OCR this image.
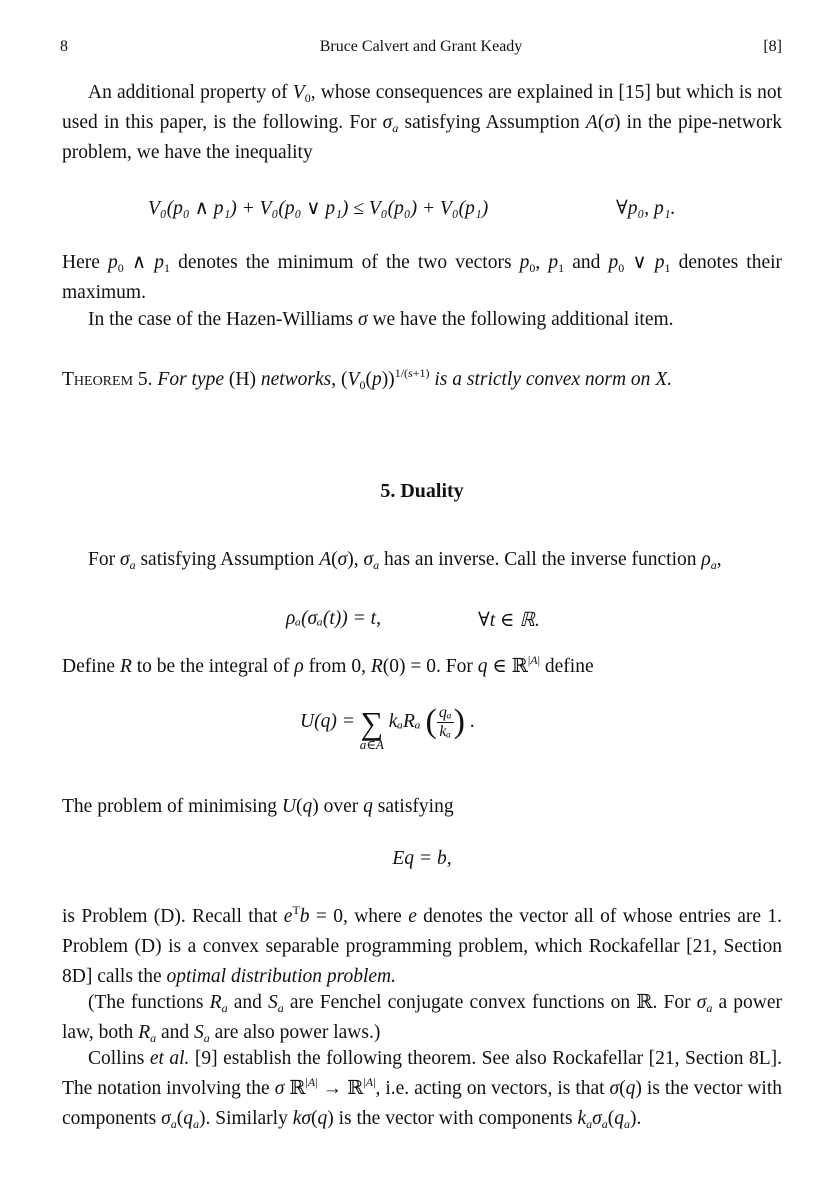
8	Bruce Calvert and Grant Keady	[8]
An additional property of $V_0$, whose consequences are explained in [15] but which is not used in this paper, is the following. For $\sigma_a$ satisfying Assumption A(σ) in the pipe-network problem, we have the inequality
V₀(p₀ ∧ p₁) + V₀(p₀ ∨ p₁) ≤ V₀(p₀) + V₀(p₁)	∀p₀, p₁.
Here $p_0$ ∧ $p_1$ denotes the minimum of the two vectors $p_0$, $p_1$ and $p_0$ ∨ $p_1$ denotes their maximum.
In the case of the Hazen-Williams σ we have the following additional item.
Theorem 5. For type (H) networks, $(V_0(p))^{1/(s+1)}$ is a strictly convex norm on X.
5. Duality
For $\sigma_a$ satisfying Assumption A(σ), $\sigma_a$ has an inverse. Call the inverse function $\rho_a$,
ρₐ(σₐ(t)) = t,	∀t ∈ ℝ.
Define R to be the integral of ρ from 0, R(0) = 0. For q ∈ ℝ$^{|A|}$ define
U(q) = ∑
a∈A
kₐRₐ ( $\frac{\text{qₐ}}{\text{kₐ}}$ ) .
The problem of minimising U(q) over q satisfying
Eq = b,
is Problem (D). Recall that $e^Tb = 0$, where e denotes the vector all of whose entries are 1. Problem (D) is a convex separable programming problem, which Rockafellar [21, Section 8D] calls the optimal distribution problem.
(The functions $R_a$ and $S_a$ are Fenchel conjugate convex functions on ℝ. For $\sigma_a$ a power law, both $R_a$ and $S_a$ are also power laws.)
Collins et al. [9] establish the following theorem. See also Rockafellar [21, Section 8L]. The notation involving the σ ℝ$^{|A|}$ → ℝ$^{|A|}$, i.e. acting on vectors, is that σ(q) is the vector with components $\sigma_a(q_a)$. Similarly kσ(q) is the vector with components $k_a\sigma_a(q_a)$.
